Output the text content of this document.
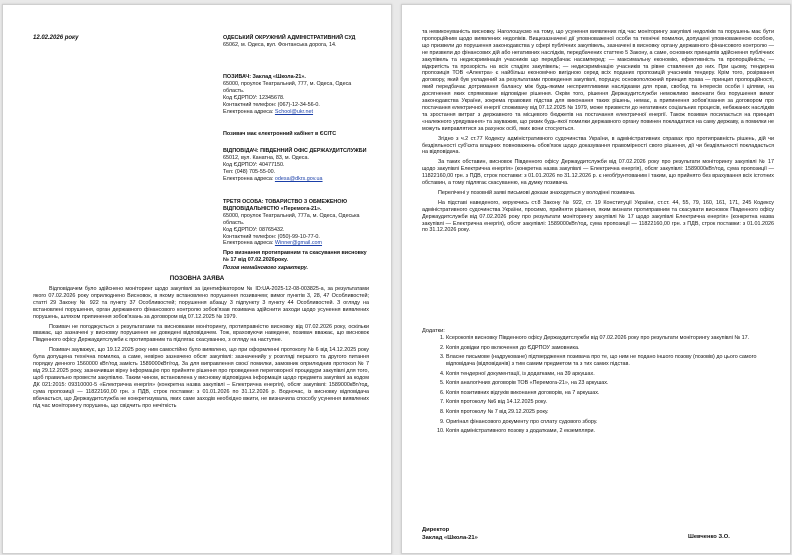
12.02.2026 року	ОДЕСЬКИЙ ОКРУЖНИЙ АДМІНІСТРАТИВНИЙ СУД
65062, м. Одеса, вул. Фонтанська дорога, 14.
ПОЗИВАЧ: Заклад «Школа-21».
65000, проулок Театральний, 777, м. Одеса, Одеса область.
Код ЄДРПОУ: 12345678.
Контактний телефон: (067)-12-34-56-0.
Електронна адреса: School@ukr.net
Позивач має електронний кабінет в ЄСІТС
ВІДПОВІДАЧ: ПІВДЕННИЙ ОФІС ДЕРЖАУДИТСЛУЖБИ
65012, вул. Канатна, 83, м. Одеса.
Код ЄДРПОУ: 40477150.
Тел: (048) 705-55-00.
Електронна адреса: odesa@dkrs.gov.ua
ТРЕТЯ ОСОБА: ТОВАРИСТВО З ОБМЕЖЕНОЮ ВІДПОВІДАЛЬНІСТЮ «Перемога-21».
65000, проулок Театральний, 777а, м. Одеса, Одеська область.
Код ЄДРПОУ: 08765432.
Контактний телефон: (050)-99-10-77-0.
Електронна адреса: Winner@gmail.com
Про визнання протиправним та скасування висновку № 17 від 07.02.2026року.
Позов немайнового характеру.
ПОЗОВНА ЗАЯВА

Відповідачем було здійснено моніторинг щодо закупівлі за ідентифікатором № ID:UA-2025-12-08-003825-a, за результатами якого 07.02.2026 року оприлюднено Висновок, в якому встановлено порушення позивачем; вимог пунктів 3, 28, 47 Особливостей; статті 29 Закону № 922 та пункту 37 Особливостей; порушення абзацу 3 підпункту 3 пункту 44 Особливостей. З огляду на встановлені порушення, орган державного фінансового контролю зобов'язав позивача здійснити заходи щодо усунення виявлених порушень, шляхом припинення зобов'язань за договором від 07.12.2025 № 1979.

Позивач не погоджується з результатами та висновками моніторингу, протиправністю висновку від 07.02.2026 року, оскільки вважає, що зазначені у висновку порушення не доведені відповідачем. Тож, враховуючи наведене, позивач вважає, що висновок Південного офісу Держаудитслужби є протиправним та підлягає скасуванню, з огляду на наступне.

Позивач зауважує, що 19.12.2025 року ним самостійно було виявлено, що при оформленні протоколу № 6 від 14.12.2025 року була допущена технічна помилка, а саме, невірно зазначено обсяг закупівлі: зазначенийу у розгляді першого та другого питання порядку денного 1560000 кВт/год замість 1589000кВт/год. За для виправлення своєї помилки, замовник оприлюднив протокол № 7 від 29.12.2025 року, зазначивши вірну інформацію про прийняте рішення про проведення переговорної процедури закупівлі для того, щоб правильно провести закупівлю. Таким чином, встановлена у висновку відповідача інформація щодо предмета закупівлі за кодом ДК 021:2015: 09310000-5 «Електрична енергія» (конкретна назва закупівлі – Електрична енергія), обсяг закупівлі: 1589000кВт/год, сума пропозиції — 11822160,00 грн. з ПДВ, строк поставки: з 01.01.2026 по 31.12.2026 р. Водночас, із висновку відповідача вбачається, що Держаудитслужба не конкретизувала, яких саме заходів необхідно вжити, не визначила способу усунення виявлених під час моніторингу порушень, що свідчить про нечіткість

та невиконуваність висновку. Наголошуємо на тому, що усунення виявлених під час моніторингу закупівлі недоліків та порушень має бути пропорційним щодо виявлених недоліків. Вищезазначені дії уповноваженої особи та технічні помилки, допущені уповноваженою особою, що призвели до порушення законодавства у сфері публічних закупівель, зазначені в висновку органу державного фінансового контролю — не призвели до фінансових дій або негативних наслідків, передбачених статтею 5 Закону, а саме, основних принципів здійснення публічних закупівель та недискримінація учасників що передбачає насамперед: — максимальну економію, ефективність та пропорційність; — відкритість та прозорість на всіх стадіях закупівель; — недискримінацію учасників та рівне ставлення до них. При цьому, тендерна пропозиція ТОВ «Алектра» є найбільш економічно вигідною серед всіх поданих пропозицій учасників тендеру. Крім того, розірвання договору, який був укладений за результатами проведення закупівлі, порушує основоположний принцип права — принцип пропорційності, який передбачає дотримання балансу між будь-якими несприятливими наслідками для прав, свобод та інтересів особи і цілями, на досягнення яких спрямоване відповідне рішення. Окрім того, рішення Держаудитслужби неможливо виконати без порушення вимог законодавства України, зокрема правових підстав для виконання таких рішень, немає, а припинення зобов'язання за договором про постачання електричної енергії споживачу від 07.12.2025 № 1979, може призвести до негативних соціальних процесів, небажаних наслідків та зростання витрат з державного та місцевого бюджетів на постачання електричної енергії. Також позивач посилається на принцип «належного урядування» та зауважив, що ризик будь-якої помилки державного органу повинен покладатися на саму державу, а помилки не можуть виправлятися за рахунок осіб, яких вони стосуються.

Згідно з ч.2 ст.77 Кодексу адміністративного судочинства України, в адміністративних справах про протиправність рішень, дій чи бездіяльності суб'єкта владних повноважень обов'язок щодо доказування правомірності свого рішення, дії чи бездіяльності покладається на відповідача.

За таких обставин, висновок Південного офісу Держаудитслужби від 07.02.2026 року про результати моніторингу закупівлі № 17 щодо закупівлі Електрична енергія» (конкретна назва закупівлі — Електрична енергія), обсяг закупівлі: 1589000кВт/год, сума пропозиції — 11822160,00 грн. з ПДВ, строк поставки: з 01.01.2026 по 31.12.2026 р. є необґрунтованим і таким, що прийнято без врахування всіх істотних обставин, а тому підлягає скасуванню, на думку позивача.

Перелічені у позовній заяві письмові докази знаходяться у володінні позивача.

На підставі наведеного, керуючись ст.8 Закону № 922, ст. 19 Конституції України, ст.ст. 44, 55, 79, 160, 161, 171, 245 Кодексу адміністративного судочинства України, просимо, прийняти рішення, яким визнати протиправним та скасувати висновок Південного офісу Держаудитслужби від 07.02.2026 року про результати моніторингу закупівлі № 17 щодо закупівлі Електрична енергія» (конкретна назва закупівлі — Електрична енергія), обсяг закупівлі: 1589000кВт/год, сума пропозиції — 11822160,00 грн. з ПДВ, строк поставки: з 01.01.2026 по 31.12.2026 року.

Додатки:
1. Ксерокопія висновку Південного офісу Держаудитслужби від 07.02.2026 року про результати моніторингу закупівлі № 17.
2. Копія довідки про включення до ЄДРПОУ замовника.
3. Власне письмове (надруковане) підтвердження позивача про те, що ним не подано іншого позову (позовів) до цього самого відповідача (відповідачів) з тим самим предметом та з тих самих підстав.
4. Копія тендерної документації, із додатками, на 39 аркушах.
5. Копія аналогічних договорів ТОВ «Перемога-21», на 23 аркушах.
6. Копія позитивних відгуків виконання договорів, на 7 аркушах.
7. Копія протоколу №6 від 14.12.2025 року.
8. Копія протоколу № 7 від 29.12.2025 року.
9. Оригінал фінансового документу про сплату судового збору.
10. Копія адміністративного позову з додатками, 2 екземпляри.
Директор
Заклад «Школа-21»	Шевченко З.О.
